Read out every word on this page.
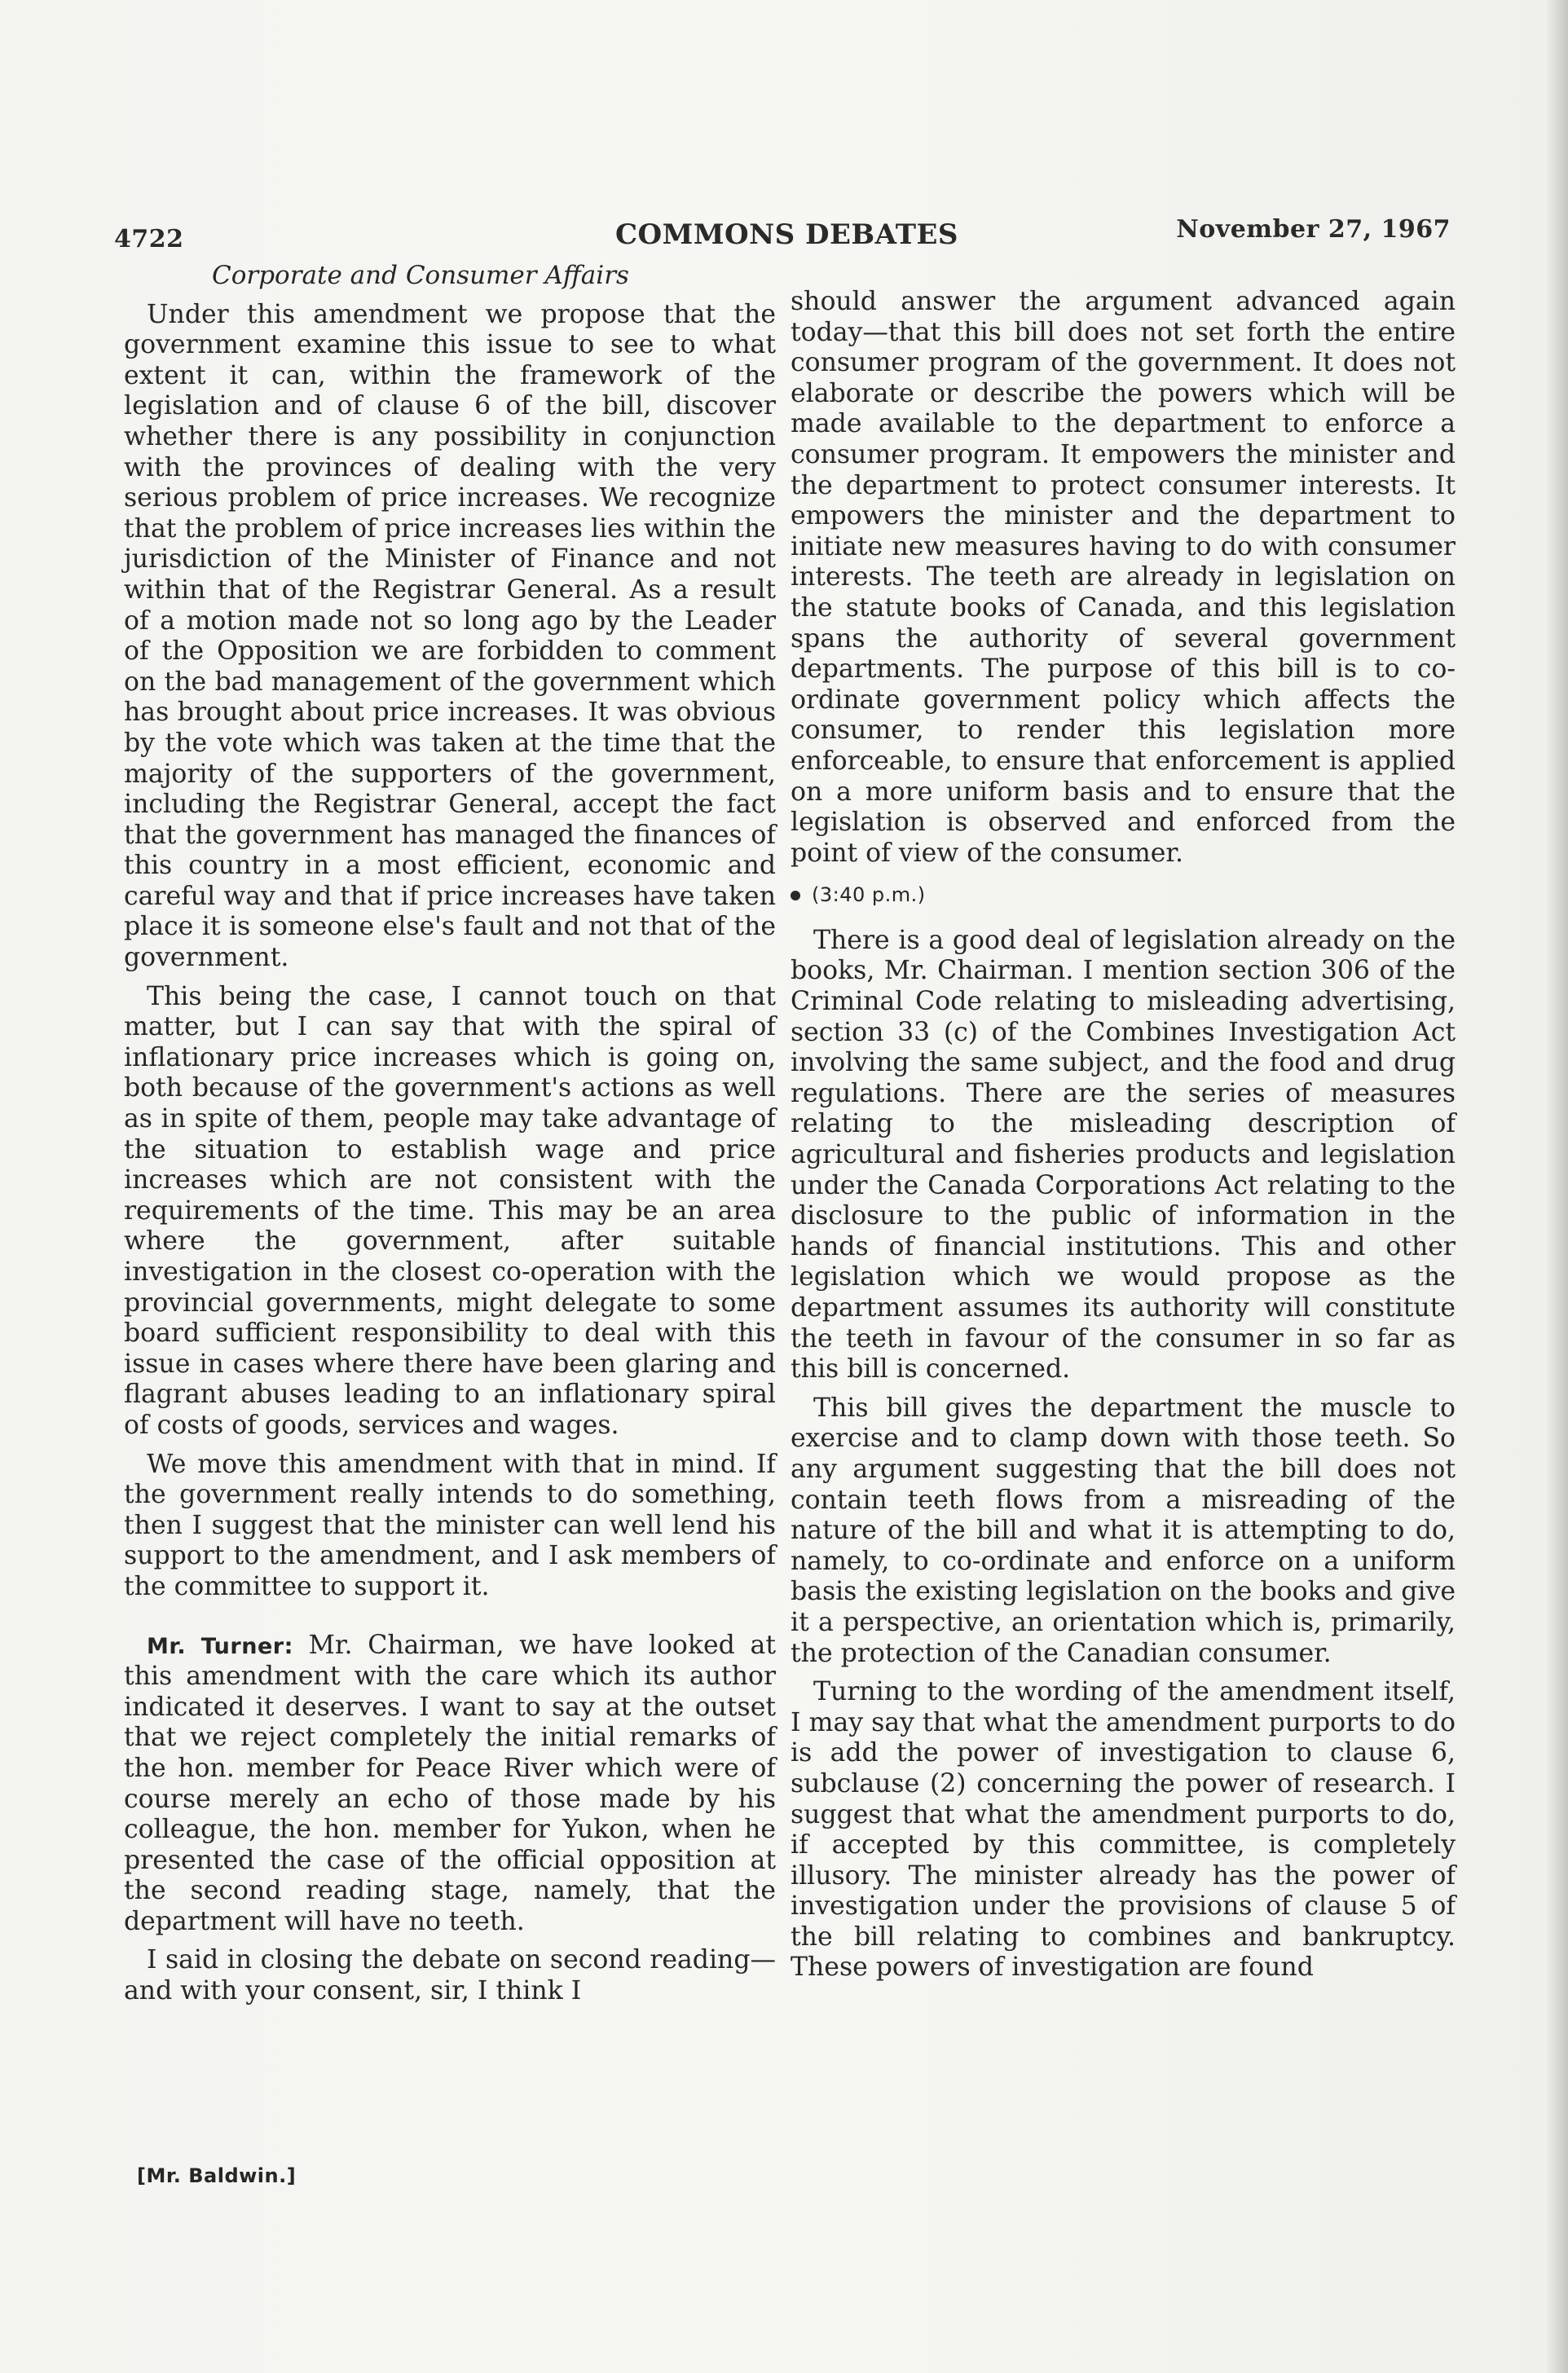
4722	COMMONS DEBATES	November 27, 1967

Corporate and Consumer Affairs

Under this amendment we propose that the government examine this issue to see to what extent it can, within the framework of the legislation and of clause 6 of the bill, discover whether there is any possibility in conjunction with the provinces of dealing with the very serious problem of price increases. We recognize that the problem of price increases lies within the jurisdiction of the Minister of Finance and not within that of the Registrar General. As a result of a motion made not so long ago by the Leader of the Opposition we are forbidden to comment on the bad management of the government which has brought about price increases. It was obvious by the vote which was taken at the time that the majority of the supporters of the government, including the Registrar General, accept the fact that the government has managed the finances of this country in a most efficient, economic and careful way and that if price increases have taken place it is someone else's fault and not that of the government.

This being the case, I cannot touch on that matter, but I can say that with the spiral of inflationary price increases which is going on, both because of the government's actions as well as in spite of them, people may take advantage of the situation to establish wage and price increases which are not consistent with the requirements of the time. This may be an area where the government, after suitable investigation in the closest co-operation with the provincial governments, might delegate to some board sufficient responsibility to deal with this issue in cases where there have been glaring and flagrant abuses leading to an inflationary spiral of costs of goods, services and wages.

We move this amendment with that in mind. If the government really intends to do something, then I suggest that the minister can well lend his support to the amendment, and I ask members of the committee to support it.

Mr. Turner: Mr. Chairman, we have looked at this amendment with the care which its author indicated it deserves. I want to say at the outset that we reject completely the initial remarks of the hon. member for Peace River which were of course merely an echo of those made by his colleague, the hon. member for Yukon, when he presented the case of the official opposition at the second reading stage, namely, that the department will have no teeth.

I said in closing the debate on second reading—and with your consent, sir, I think I

should answer the argument advanced again today—that this bill does not set forth the entire consumer program of the government. It does not elaborate or describe the powers which will be made available to the department to enforce a consumer program. It empowers the minister and the department to protect consumer interests. It empowers the minister and the department to initiate new measures having to do with consumer interests. The teeth are already in legislation on the statute books of Canada, and this legislation spans the authority of several government departments. The purpose of this bill is to co-ordinate government policy which affects the consumer, to render this legislation more enforceable, to ensure that enforcement is applied on a more uniform basis and to ensure that the legislation is observed and enforced from the point of view of the consumer.

(3:40 p.m.)

There is a good deal of legislation already on the books, Mr. Chairman. I mention section 306 of the Criminal Code relating to misleading advertising, section 33 (c) of the Combines Investigation Act involving the same subject, and the food and drug regulations. There are the series of measures relating to the misleading description of agricultural and fisheries products and legislation under the Canada Corporations Act relating to the disclosure to the public of information in the hands of financial institutions. This and other legislation which we would propose as the department assumes its authority will constitute the teeth in favour of the consumer in so far as this bill is concerned.

This bill gives the department the muscle to exercise and to clamp down with those teeth. So any argument suggesting that the bill does not contain teeth flows from a misreading of the nature of the bill and what it is attempting to do, namely, to co-ordinate and enforce on a uniform basis the existing legislation on the books and give it a perspective, an orientation which is, primarily, the protection of the Canadian consumer.

Turning to the wording of the amendment itself, I may say that what the amendment purports to do is add the power of investigation to clause 6, subclause (2) concerning the power of research. I suggest that what the amendment purports to do, if accepted by this committee, is completely illusory. The minister already has the power of investigation under the provisions of clause 5 of the bill relating to combines and bankruptcy. These powers of investigation are found

[Mr. Baldwin.]
